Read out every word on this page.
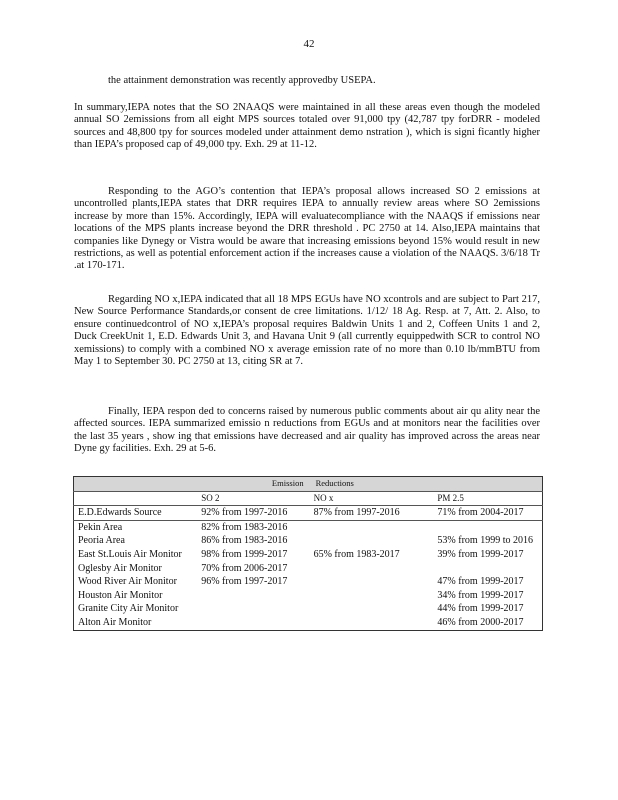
42

the attainment demonstration was recently approvedby USEPA.

In summary,IEPA notes that the SO 2NAAQS were maintained in all these areas even though the modeled annual SO 2emissions from all eight MPS sources totaled over 91,000 tpy (42,787 tpy forDRR - modeled sources and 48,800 tpy for sources modeled under attainment demo nstration ), which is signi ficantly higher than IEPA’s proposed cap of 49,000 tpy. Exh. 29 at 11-12.

Responding to the AGO’s contention that IEPA’s proposal allows increased SO 2 emissions at uncontrolled plants,IEPA states that DRR requires IEPA to annually review areas where SO 2emissions increase by more than 15%. Accordingly, IEPA will evaluatecompliance with the NAAQS if emissions near locations of the MPS plants increase beyond the DRR threshold . PC 2750 at 14. Also,IEPA maintains that companies like Dynegy or Vistra would be aware that increasing emissions beyond 15% would result in new restrictions, as well as potential enforcement action if the increases cause a violation of the NAAQS. 3/6/18 Tr .at 170-171.

Regarding NO x,IEPA indicated that all 18 MPS EGUs have NO xcontrols and are subject to Part 217, New Source Performance Standards,or consent de cree limitations. 1/12/ 18 Ag. Resp. at 7, Att. 2. Also, to ensure continuedcontrol of NO x,IEPA’s proposal requires Baldwin Units 1 and 2, Coffeen Units 1 and 2, Duck CreekUnit 1, E.D. Edwards Unit 3, and Havana Unit 9 (all currently equippedwith SCR to control NO xemissions) to comply with a combined NO x average emission rate of no more than 0.10 lb/mmBTU from May 1 to September 30. PC 2750 at 13, citing SR at 7.

Finally, IEPA respon ded to concerns raised by numerous public comments about air qu ality near the affected sources. IEPA summarized emissio n reductions from EGUs and at monitors near the facilities over the last 35 years , show ing that emissions have decreased and air quality has improved across the areas near Dyne gy facilities. Exh. 29 at 5-6.

Emission		Reductions	
	SO 2	NO x	PM 2.5
E.D.Edwards Source	92% from 1997-2016	87% from 1997-2016	71% from 2004-2017
Pekin Area	82% from 1983-2016		
Peoria Area	86% from 1983-2016		53% from 1999 to 2016
East St.Louis Air Monitor	98% from 1999-2017	65% from 1983-2017	39% from 1999-2017
Oglesby Air Monitor	70% from 2006-2017		
Wood River Air Monitor	96% from 1997-2017		47% from 1999-2017
Houston Air Monitor			34% from 1999-2017
Granite City Air Monitor			44% from 1999-2017
Alton Air Monitor			46% from 2000-2017
